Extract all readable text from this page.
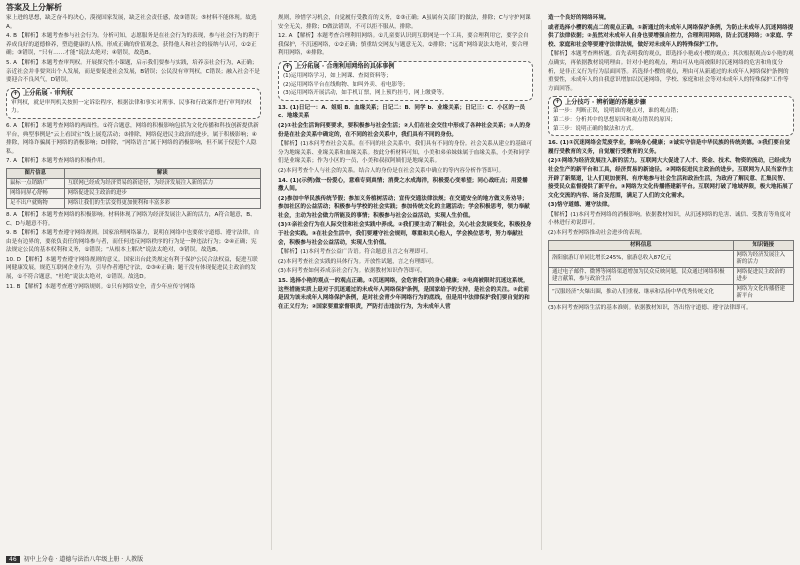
答案及上分解析

家上进的思想，缺乏奋斗的决心，漠视国家发展，缺乏社会责任感，故③错误；⑤材料不能体现。故选A。

4. B 【解析】本题考查参与社会行为。分析可知，志愿服务是在社会行为的表现，参与社会行为的利于养成良好的道德修养，塑造健康的人格，形成正确的价值观念，获得他人和社会的接纳与认可，①②正确；③错误，“只有……才能”说法太绝对；④错误，故选B。

5. A 【解析】本题考查审判权。开展探究性小课题，启示我们要参与实践，培养亲社会行为，A正确；亲近社会并非要突出个人发展，而是要促进社会发展，B错误；公民没有审判权，C错误；融入社会不是要迎合不良风气，D错误。

+ 上分拓展 · 审判权
审判权，就是审判机关按照一定诉讼程序，根据法律和事实对刑事、民事和行政案件进行审判的权力。

6. A 【解析】本题考查网络的两面性。①符合题意，网络的积极影响包括为文化传播和科技创新提供新平台，典型事例是“云上看国宝”线上展览活动；③排除，网络促进民主政治的进步，属于积极影响；④排除，网络诈骗属于网络的消极影响；D排除，“网络语言”属于网络的消极影响，但不属于侵犯个人隐私。

7. A 【解析】本题考查网络的积极作用。

图片信息	解读
鼠标一点销路广	互联网已经成为经济贸易的新途径，为经济发展注入新的活力
网络同屏心舒畅	网络促进民主政治的进步
足不出户就购物	网络让我们的生活变得更加便利和丰富多彩

8. A 【解析】本题考查网络的积极影响。材料体现了网络为经济发展注入新的活力，A符合题意，B、C、D与题意不符。

9. B 【解析】本题考查遵守网络规则。国家治理网络暴力，说明在网络中也要依守道德、遵守法律，自由是有边界的，要依负责任的网络参与者，而任何违反网络秩序的行为是一种违法行为；②④正确；宪法规定公民的基本权利和义务，①错误；“从根本上解决”说法太绝对，③错误。故选B。

10. D 【解析】本题考查遵守网络规则的意义。国家出台此类规定有利于保护公民合法权益，促进互联网健康发展，规范互联网企业行为，引导作者遵纪守法，②③④正确；题干没有体现促进民主政治的发展，①不符合题意，“杜绝”说法太绝对，①错误。故选D。

11. B 【解析】本题考查遵守网络规则。①只有网络安全，青少年应传守网络

规则，珍惜学习机会，自觉履行受教育的义务，②③正确；A虽属有关部门的做法，排除；C与守护网课安全无关，排除；D做法错误，不可以拒不服从，排除。

12. A 【解析】本题考查合理利用网络。①儿童要认识到互联网是一个工具，要合理利用它，要学会自我保护，不沉迷网络，①②正确；慎重结交网友与题意无关，②排除；“远离”网络说法太绝对，要合理利用网络，④排除。

+ 上分拓展 · 合理利用网络的具体事例
(1)运用网络学习，如上网课、查阅资料等；
(2)运用网络平台在线购物、如叫外卖、看电影等；
(3)运用网络开展活动，如手机订票，网上预约挂号，网上缴费等。

13. (1)日记一：A．姐姐 B．血缘关系；日记二：B．同学 b．业缘关系；日记三：C．小区的一员 c．地缘关系

(2)①社会生活询问要要求，要积极参与社会生活；②人们在社会交往中形成了各种社会关系；③人的身份是在社会关系中确定的，在不同的社会关系中，我们具有不同的身份。

【解析】(1)本问考查社会关系。在不同的社会关系中，我们具有不同的身份。社会关系从建立的基础可分为地缘关系、业缘关系和血缘关系。按此分析材料可知，小美和弟弟妹妹属于血缘关系，小美和同学们是业缘关系；作为小区的一员，小美和叔叔阿姨们是地缘关系。

(2)本问考查个人与社会的关系。结合人的身份是在社会关系中确立的等内容分析作答即可。

14. (1)(示例)做一份爱心，意难专到真情；消费之水成海洋，积极爱心变希望；同心战旺点；用爱播撒人间。

(2)参加中华民族传统节假；参加义务植树活动；宣传交通法律法规；在交通安全的地方做义务劝导；参加社区的公益活动；积极参与学校的社会实践；参加传统文化的主题活动；学会积极思考，领力奉献社会，主动为社会做力所能及的事情；积极参与社会公益活动，实现人生价值。

(3)①亲社会行为在人际交往和社会实践中养成。②我们要主动了解社会，关心社会发展变化，积极投身于社会实践。③在社会生活中，我们要遵守社会规则，尊重和关心他人，学会换位思考，努力奉献社会，积极参与社会公益活动，实现人生价值。

【解析】(1)本问考查公益广告语。符合题意且言之有理即可。

(2)本问考查社会实践的具体行为。开放性试题，言之有理即可。

(3)本问考查如何养成亲社会行为。依据教材知识作答即可。

15. 选择小艳的观点一的观点正确。①沉迷网络，会危害我们的身心健康；②电商被限时沉迷这系统，这些措施实质上是对于沉迷通过的未成年人网络保护条例，是国家给予的支持，是社会的关注。③此前是因为该未成年人网络保护条例，是对社会青少年网络行为的底线，但是用中法律保护我们要自觉的和在正义行为；②国家要重家督职责，严防打击违法行为，为未成年人营

造一个良好的网络环境。

或者选择小樱的观点二的观点正确。①新通过的未成年人网络保护条例，为防止未成年人沉迷网络提供了法律依据；②虽然对未成年人自身也要增强自控力，合理利用网络，防止沉迷网络；③家庭、学校、家庭和社会等要遵守法律法规，做好对未成年人的特殊保护工作。

【解析】本题考查辨析题。首先表明我的观点，即选择小艳或小樱的观点；其次根据观点①小艳的观点确实，再依据教材说明理由。针对小艳的观点，理由可从电商被限时沉迷网络的危害和角度分析，是非正义行为行为层面回答。若选择小樱的观点，理由可从新通过的未成年人网络保护条例的重要性，未成年人的自我意识增加以沉迷网络，学校、家庭和社会等对未成年人的特殊保护工作等方面回答。

+ 上分技巧 · 辨析题的答题步骤
第一步：判断正误，说明谁的观点对，谁的观点错；
第二步：分析其中的思想原因和观点错误的原因；
第三步：说明正确的做法和方式。

16. (1)①沉迷网络会荒废学业，影响身心健康；②诚实守信是中华民族的传统美德。③我们要自觉履行受教育的义务，自觉履行受教育的义务。

(2)①网络为经济发展注入新的活力。互联网大大促进了人才、资金、技术、物资的流动，已经成为社会生产的新平台和工具，经济贸易的新途径。②网络促进民主政治的进步。互联网为人民当家作主开辟了新渠道，让人们更加便利、有序地参与社会生活和政治生活，为政府了解民意、汇集民智、接受民众监督提供了新平台。③网络为文化传播搭建新平台。互联网打破了地域界限，极大地拓展了文化交流的内容、场合及范围，满足了人们的文化需求。

(3)恪守道德、遵守法律。

【解析】(1)本问考查网络的消极影响。依据教材知识，从沉迷网络的危害、诚信、受教育等角度对小林进行劝说即可。

(2)本问考查网络推动社会进步的表现。

材料信息	知识链接
洛阳旅游订单同比增长245%，旅游总收入87亿元	网络为经济发展注入新的活力
通过电子邮件、微博等网络渠道增加为民众反映问题，民众通过网络积极建言献策，参与政治生活	网络促进民主政治的进步
“汉服经济”火爆出圈，推动人们重视、继承和弘扬中华优秀传统文化	网络为文化传播搭建新平台

(3)本问考查网络生活的基本准则。依据教材知识，答出恪守道德、遵守法律即可。

46 初中上分卷 · 道德与法治八年级上册 · 人教版
